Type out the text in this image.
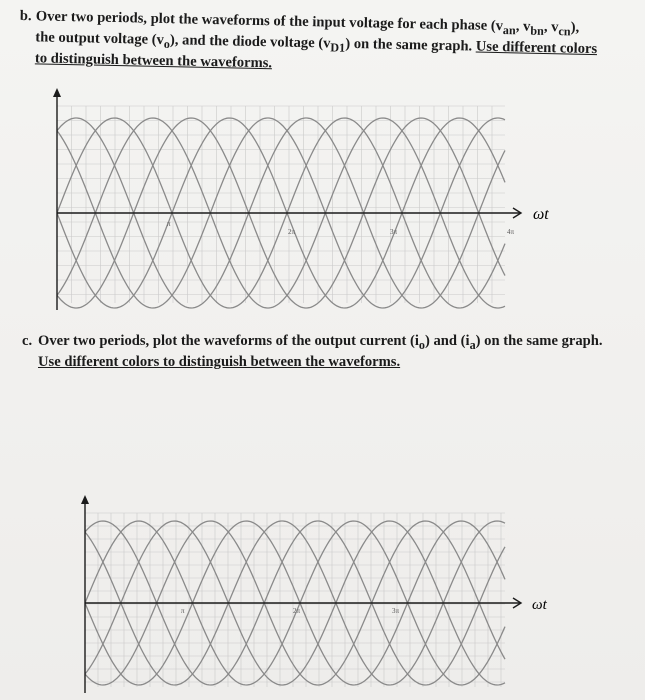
b. Over two periods, plot the waveforms of the input voltage for each phase ($v_{an}$, $v_{bn}$, $v_{cn}$),
the output voltage $(v_o)$, and the diode voltage $(v_{D1})$ on the same graph. Use different colors
to distinguish between the waveforms.
ωt
π
2π	3π	4π
c. Over two periods, plot the waveforms of the output current $(i_o)$ and $(i_a)$ on the same graph.
Use different colors to distinguish between the waveforms.
ωt
π	2π	3π
